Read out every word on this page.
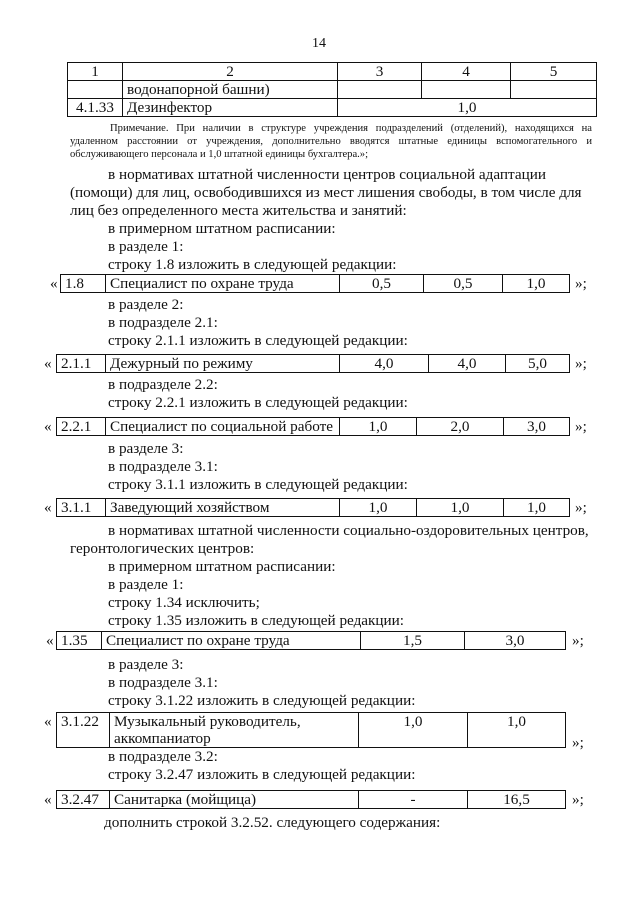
14
1	2	3	4	5
	водонапорной башни)			
4.1.33	Дезинфектор	1,0		
Примечание. При наличии в структуре учреждения подразделений (отделений), находящихся на удаленном расстоянии от учреждения, дополнительно вводятся штатные единицы вспомогательного и обслуживающего персонала и 1,0 штатной единицы бухгалтера.»;
в нормативах штатной численности центров социальной адаптации
(помощи) для лиц, освободившихся из мест лишения свободы, в том числе для
лиц без определенного места жительства и занятий:
в примерном штатном расписании:
в разделе 1:
строку 1.8 изложить в следующей редакции:
« 1.8	Специалист по охране труда	0,5	0,5	1,0 »;
в разделе 2:
в подразделе 2.1:
строку 2.1.1 изложить в следующей редакции:
« 2.1.1	Дежурный по режиму	4,0	4,0	5,0 »;
в подразделе 2.2:
строку 2.2.1 изложить в следующей редакции:
« 2.2.1	Специалист по социальной работе	1,0	2,0	3,0 »;
в разделе 3:
в подразделе 3.1:
строку 3.1.1 изложить в следующей редакции:
« 3.1.1	Заведующий хозяйством	1,0	1,0	1,0 »;
в нормативах штатной численности социально-оздоровительных центров,
геронтологических центров:
в примерном штатном расписании:
в разделе 1:
строку 1.34 исключить;
строку 1.35 изложить в следующей редакции:
« 1.35	Специалист по охране труда	1,5	3,0	»;
в разделе 3:
в подразделе 3.1:
строку 3.1.22 изложить в следующей редакции:
« 3.1.22	Музыкальный руководитель,
аккомпаниатор
	1,0	1,0
»;
в подразделе 3.2:
строку 3.2.47 изложить в следующей редакции:
« 3.2.47	Санитарка (мойщица)	-	16,5	»;
дополнить строкой 3.2.52. следующего содержания:
